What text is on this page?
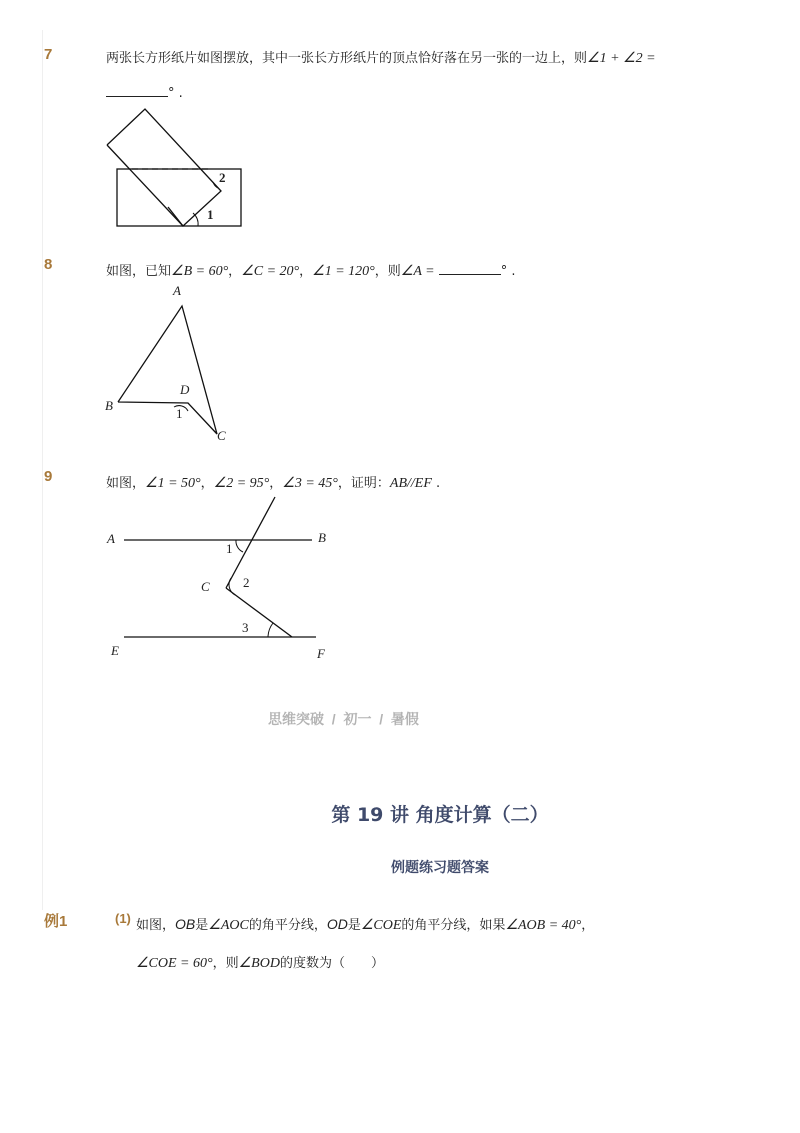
7	两张长方形纸片如图摆放，其中一张长方形纸片的顶点恰好落在另一张的一边上，则∠1 + ∠2 =
° .
1
2
8	如图，已知∠B = 60°，∠C = 20°，∠1 = 120°，则∠A =	° .
A
B
C
D
1
9	如图，∠1 = 50°，∠2 = 95°，∠3 = 45°，证明：AB//EF .
A	B
C
E	F
1
2
3
思维突破  /  初一  /  暑假
第 19 讲 角度计算（二）
例题练习题答案
例1	(1) 如图，OB是∠AOC的角平分线，OD是∠COE的角平分线，如果∠AOB = 40°，
∠COE = 60°，则∠BOD的度数为（　　）
